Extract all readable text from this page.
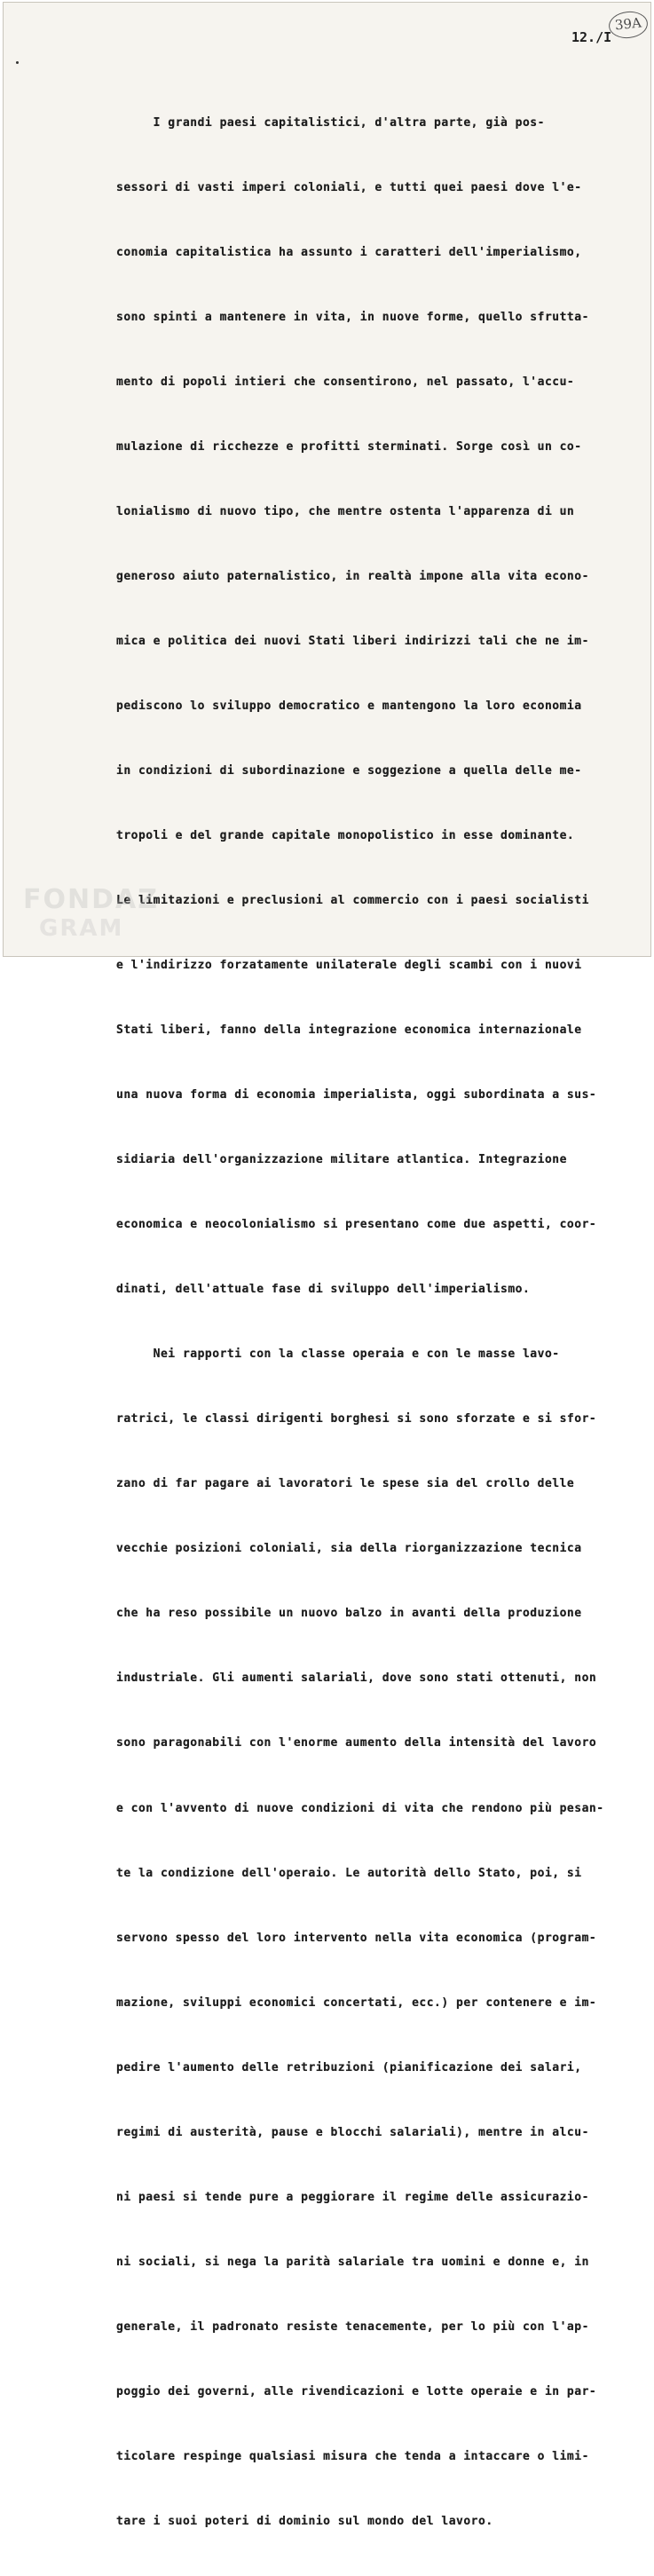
39A
12./I

I grandi paesi capitalistici, d'altra parte, già pos-

sessori di vasti imperi coloniali, e tutti quei paesi dove l'e-

conomia capitalistica ha assunto i caratteri dell'imperialismo,

sono spinti a mantenere in vita, in nuove forme, quello sfrutta-

mento di popoli intieri che consentirono, nel passato, l'accu-

mulazione di ricchezze e profitti sterminati. Sorge così un co-

lonialismo di nuovo tipo, che mentre ostenta l'apparenza di un

generoso aiuto paternalistico, in realtà impone alla vita econo-

mica e politica dei nuovi Stati liberi indirizzi tali che ne im-

pediscono lo sviluppo democratico e mantengono la loro economia

in condizioni di subordinazione e soggezione a quella delle me-

tropoli e del grande capitale monopolistico in esse dominante.

Le limitazioni e preclusioni al commercio con i paesi socialisti

e l'indirizzo forzatamente unilaterale degli scambi con i nuovi

Stati liberi, fanno della integrazione economica internazionale

una nuova forma di economia imperialista, oggi subordinata a sus-

sidiaria dell'organizzazione militare atlantica. Integrazione

economica e neocolonialismo si presentano come due aspetti, coor-

dinati, dell'attuale fase di sviluppo dell'imperialismo.

Nei rapporti con la classe operaia e con le masse lavo-

ratrici, le classi dirigenti borghesi si sono sforzate e si sfor-

zano di far pagare ai lavoratori le spese sia del crollo delle

vecchie posizioni coloniali, sia della riorganizzazione tecnica

che ha reso possibile un nuovo balzo in avanti della produzione

industriale. Gli aumenti salariali, dove sono stati ottenuti, non

sono paragonabili con l'enorme aumento della intensità del lavoro

e con l'avvento di nuove condizioni di vita che rendono più pesan-

te la condizione dell'operaio. Le autorità dello Stato, poi, si

servono spesso del loro intervento nella vita economica (program-

mazione, sviluppi economici concertati, ecc.) per contenere e im-

pedire l'aumento delle retribuzioni (pianificazione dei salari,

regimi di austerità, pause e blocchi salariali), mentre in alcu-

ni paesi si tende pure a peggiorare il regime delle assicurazio-

ni sociali, si nega la parità salariale tra uomini e donne e, in

generale, il padronato resiste tenacemente, per lo più con l'ap-

poggio dei governi, alle rivendicazioni e lotte operaie e in par-

ticolare respinge qualsiasi misura che tenda a intaccare o limi-

tare i suoi poteri di dominio sul mondo del lavoro.

FONDAZ
GRAM
